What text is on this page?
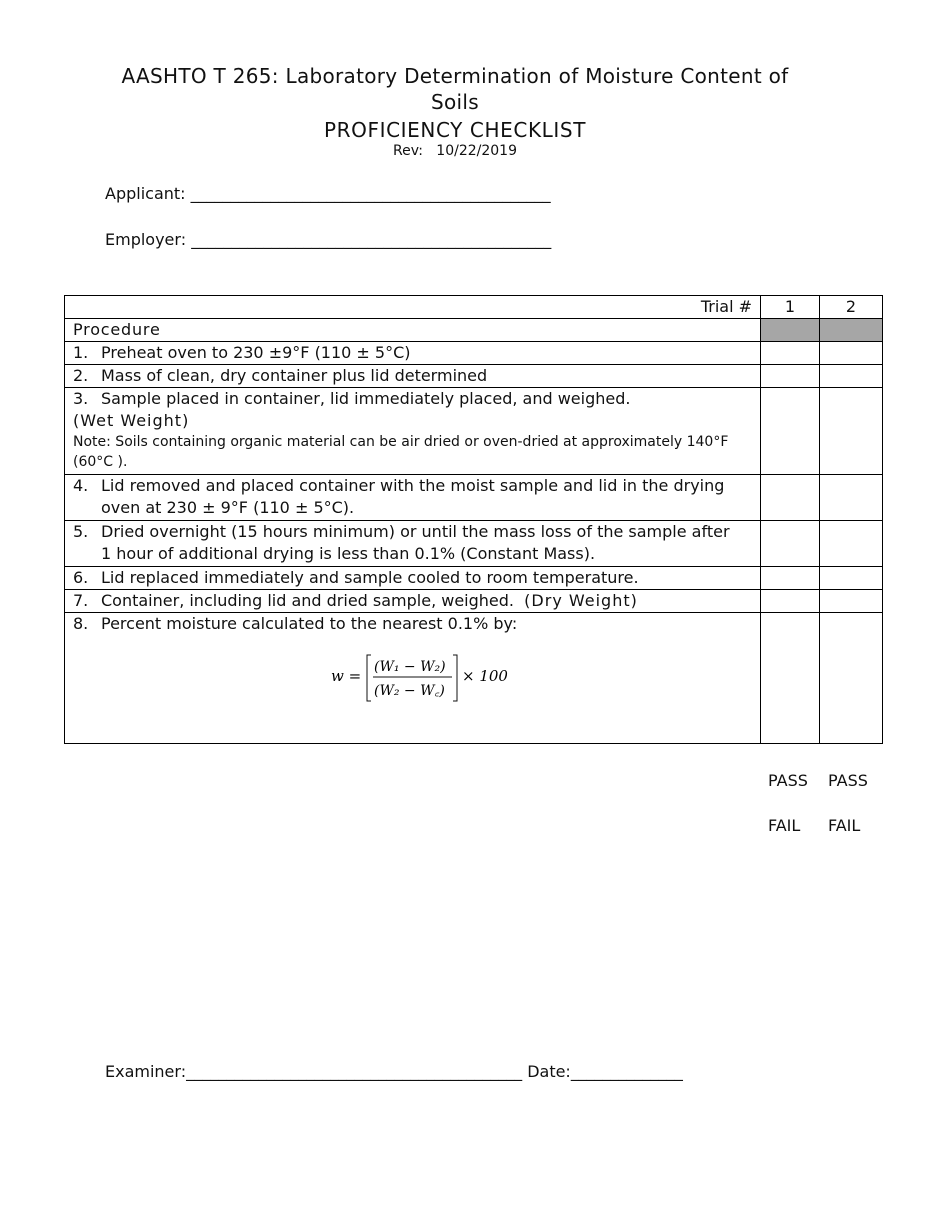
AASHTO T 265: Laboratory Determination of Moisture Content of Soils
PROFICIENCY CHECKLIST
Rev: 10/22/2019
Applicant: _____________________________________________
Employer: _____________________________________________
Trial #	1	2
Procedure		
1. Preheat oven to 230 ±9°F (110 ± 5°C)		
2. Mass of clean, dry container plus lid determined		

3. Sample placed in container, lid immediately placed, and weighed.
(Wet Weight)
Note: Soils containing organic material can be air dried or oven-dried at approximately 140°F (60°C ).		

4. Lid removed and placed container with the moist sample and lid in the drying
oven at 230 ± 9°F (110 ± 5°C).		

5. Dried overnight (15 hours minimum) or until the mass loss of the sample after
1 hour of additional drying is less than 0.1% (Constant Mass).		

6. Lid replaced immediately and sample cooled to room temperature.		
7. Container, including lid and dried sample, weighed. (Dry Weight)		

8. Percent moisture calculated to the nearest 0.1% by:
w = (W₁ − W₂)
(W₂ − W꜀)
× 100		

PASS PASS
FAIL FAIL
Examiner:__________________________________________ Date:______________
